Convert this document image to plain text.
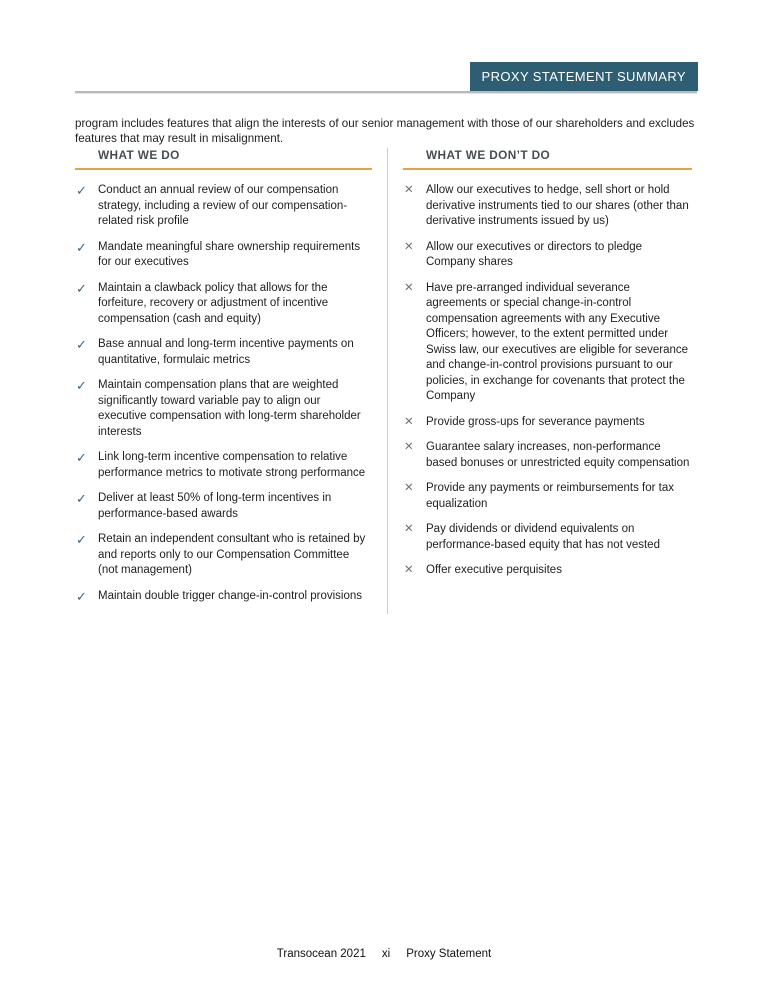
PROXY STATEMENT SUMMARY

program includes features that align the interests of our senior management with those of our shareholders and excludes features that may result in misalignment.

WHAT WE DO
✓ Conduct an annual review of our compensation strategy, including a review of our compensation-related risk profile
✓ Mandate meaningful share ownership requirements for our executives
✓ Maintain a clawback policy that allows for the forfeiture, recovery or adjustment of incentive compensation (cash and equity)
✓ Base annual and long-term incentive payments on quantitative, formulaic metrics
✓ Maintain compensation plans that are weighted significantly toward variable pay to align our executive compensation with long-term shareholder interests
✓ Link long-term incentive compensation to relative performance metrics to motivate strong performance
✓ Deliver at least 50% of long-term incentives in performance-based awards
✓ Retain an independent consultant who is retained by and reports only to our Compensation Committee (not management)
✓ Maintain double trigger change-in-control provisions
WHAT WE DON’T DO
✕	Allow our executives to hedge, sell short or hold derivative instruments tied to our shares (other than derivative instruments issued by us)
✕	Allow our executives or directors to pledge Company shares
✕	Have pre-arranged individual severance agreements or special change-in-control compensation agreements with any Executive Officers; however, to the extent permitted under Swiss law, our executives are eligible for severance and change-in-control provisions pursuant to our policies, in exchange for covenants that protect the Company
✕	Provide gross-ups for severance payments
✕	Guarantee salary increases, non-performance based bonuses or unrestricted equity compensation
✕	Provide any payments or reimbursements for tax equalization
✕	Pay dividends or dividend equivalents on performance-based equity that has not vested
✕	Offer executive perquisites
Transocean 2021 xi Proxy Statement
